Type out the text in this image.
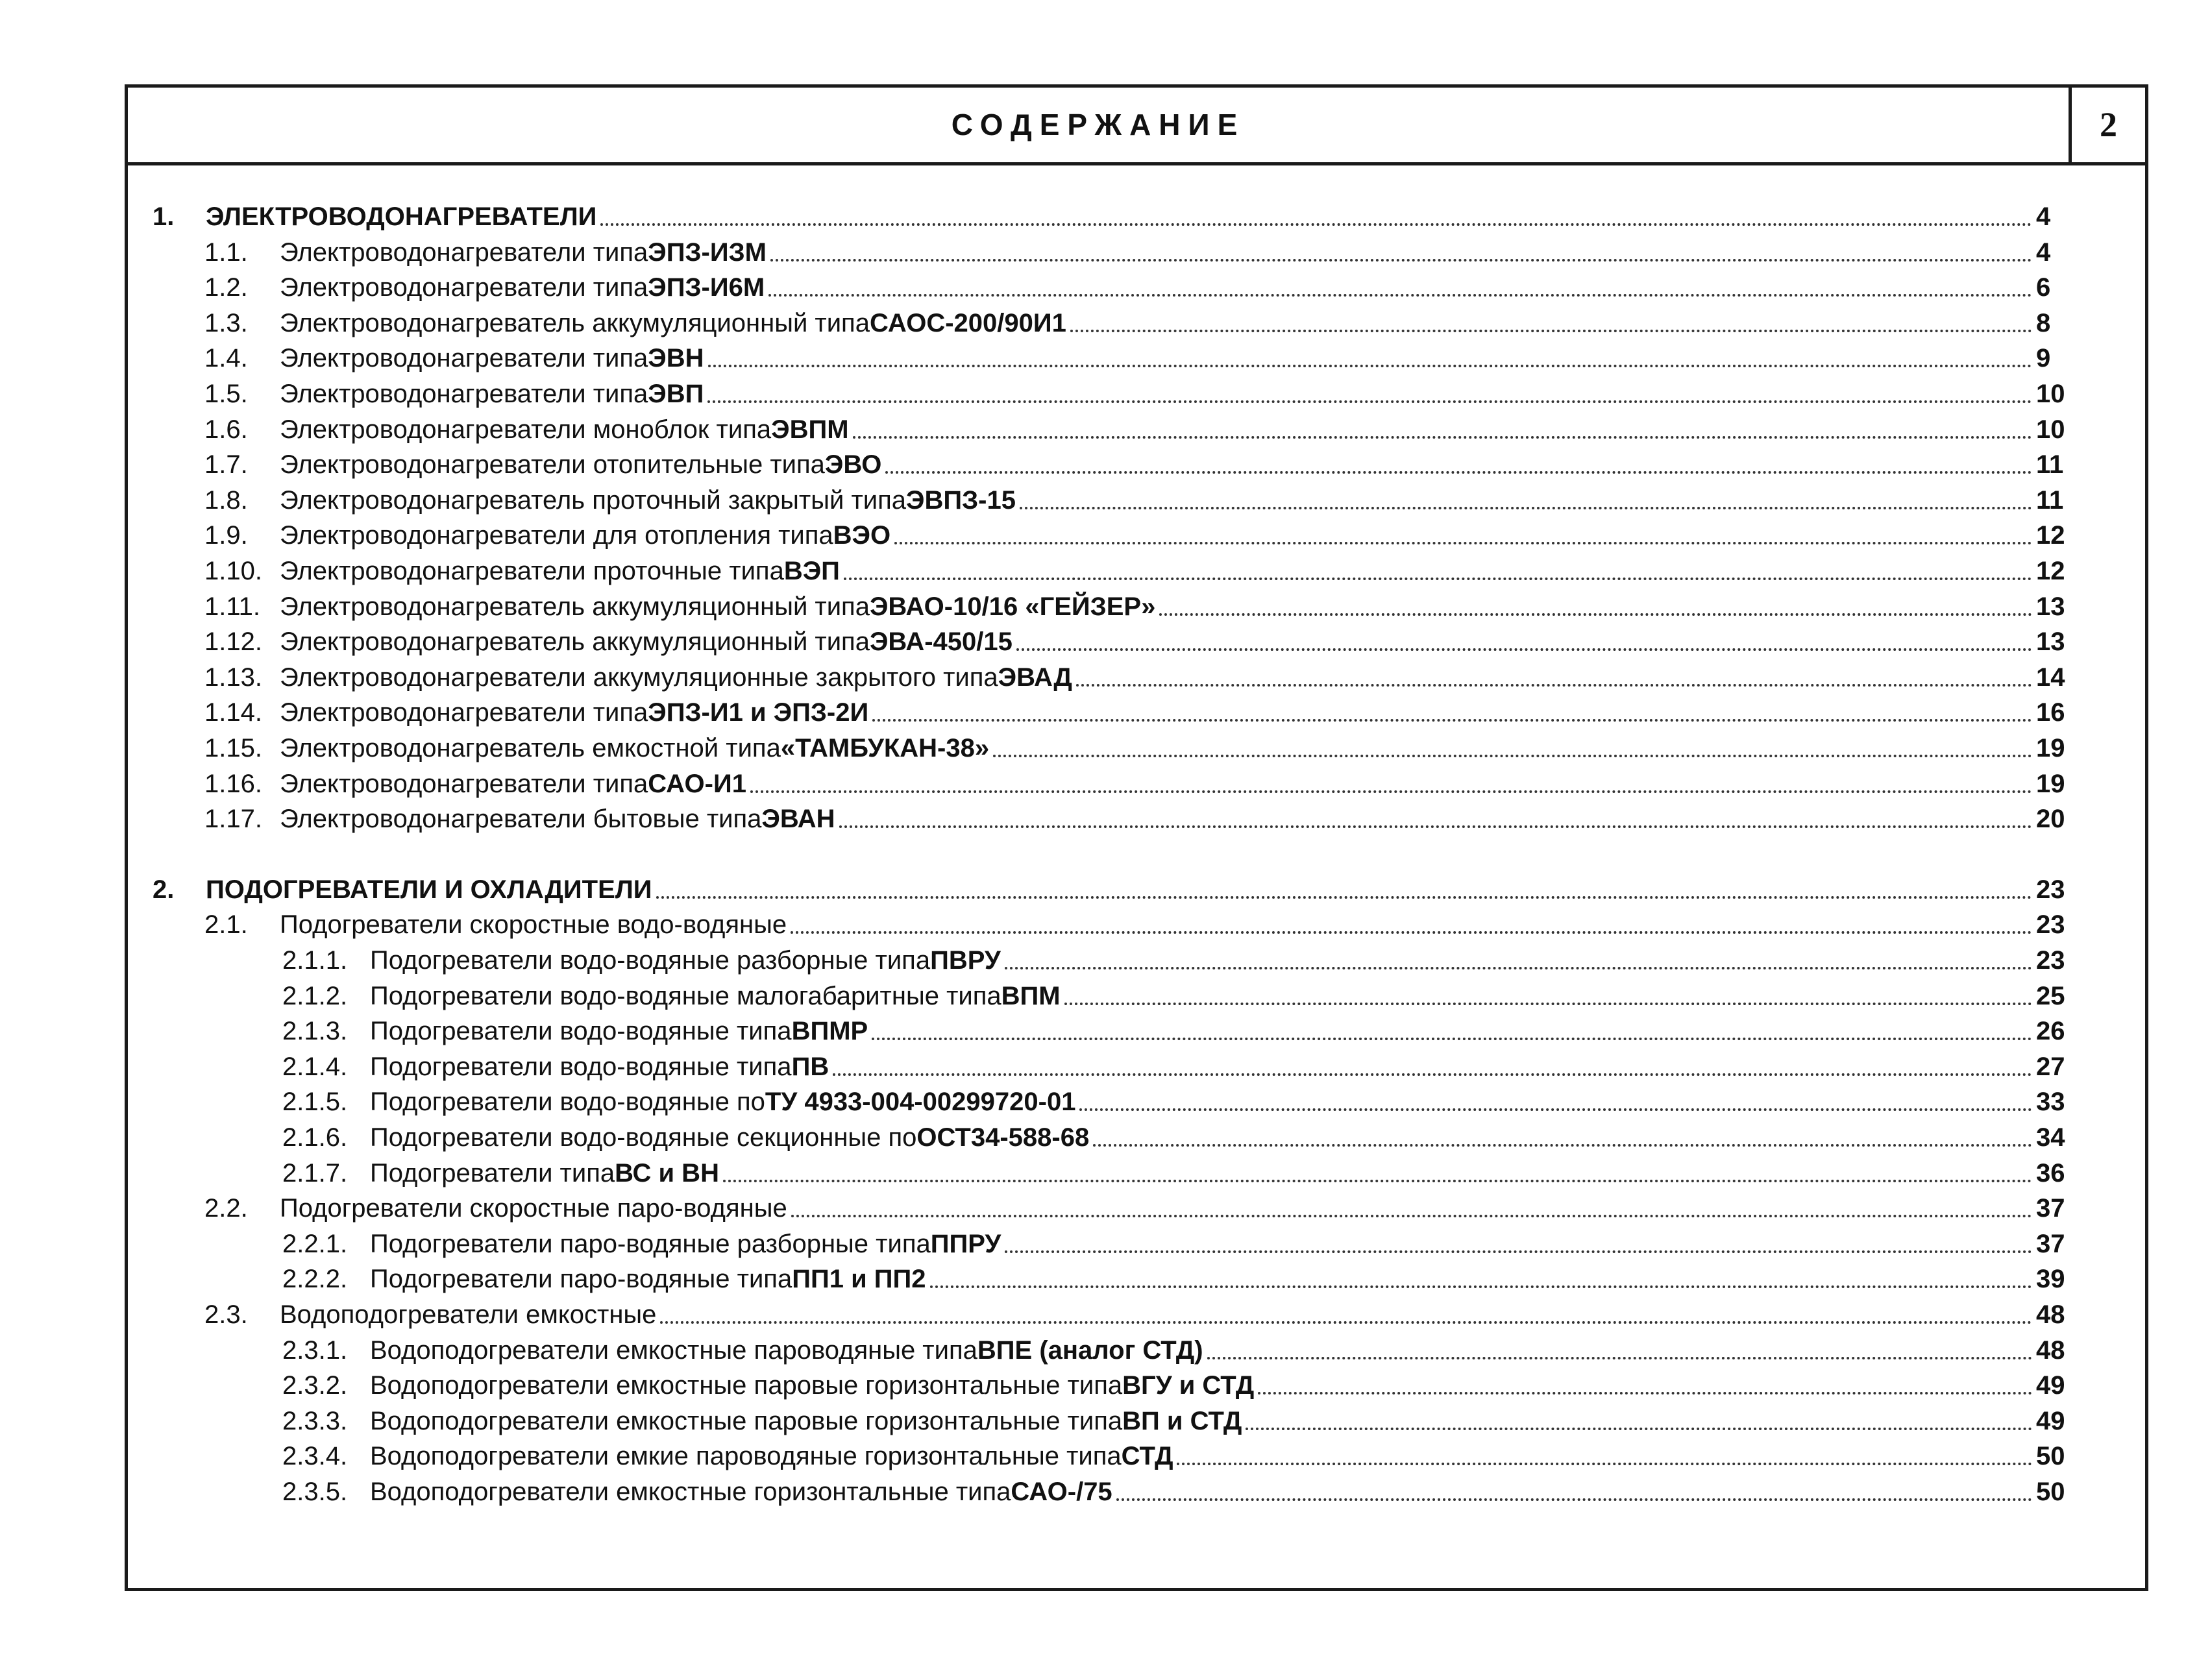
СОДЕРЖАНИЕ	2
1.	ЭЛЕКТРОВОДОНАГРЕВАТЕЛИ	4
1.1.	Электроводонагреватели типа ЭПЗ-ИЗМ	4
1.2.	Электроводонагреватели типа ЭПЗ-И6М	6
1.3.	Электроводонагреватель аккумуляционный типа САОС-200/90И1	8
1.4.	Электроводонагреватели типа ЭВН	9
1.5.	Электроводонагреватели типа ЭВП	10
1.6.	Электроводонагреватели моноблок типа ЭВПМ	10
1.7.	Электроводонагреватели отопительные типа ЭВО	11
1.8.	Электроводонагреватель проточный закрытый типа ЭВПЗ-15	11
1.9.	Электроводонагреватели для отопления типа ВЭО	12
1.10. Электроводонагреватели проточные типа ВЭП	12
1.11. Электроводонагреватель аккумуляционный типа ЭВАО-10/16 «ГЕЙЗЕР»	13
1.12. Электроводонагреватель аккумуляционный типа ЭВА-450/15	13
1.13. Электроводонагреватели аккумуляционные закрытого типа ЭВАД	14
1.14. Электроводонагреватели типа ЭПЗ-И1 и ЭПЗ-2И	16
1.15. Электроводонагреватель емкостной типа «ТАМБУКАН-38»	19
1.16. Электроводонагреватели типа САО-И1	19
1.17. Электроводонагреватели бытовые типа ЭВАН	20
2.	ПОДОГРЕВАТЕЛИ И ОХЛАДИТЕЛИ	23
2.1.	Подогреватели скоростные водо-водяные	23
2.1.1. Подогреватели водо-водяные разборные типа ПВРУ	23
2.1.2. Подогреватели водо-водяные малогабаритные типа ВПМ	25
2.1.3. Подогреватели водо-водяные типа ВПМР	26
2.1.4. Подогреватели водо-водяные типа ПВ	27
2.1.5. Подогреватели водо-водяные по ТУ 4933-004-00299720-01	33
2.1.6. Подогреватели водо-водяные секционные по ОСТ34-588-68	34
2.1.7. Подогреватели типа ВС и ВН	36
2.2.	Подогреватели скоростные паро-водяные	37
2.2.1. Подогреватели паро-водяные разборные типа ППРУ	37
2.2.2. Подогреватели паро-водяные типа ПП1 и ПП2	39
2.3.	Водоподогреватели емкостные	48
2.3.1. Водоподогреватели емкостные пароводяные типа ВПЕ (аналог СТД)	48
2.3.2. Водоподогреватели емкостные паровые горизонтальные типа ВГУ и СТД	49
2.3.3. Водоподогреватели емкостные паровые горизонтальные типа ВП и СТД	49
2.3.4. Водоподогреватели емкие пароводяные горизонтальные типа СТД	50
2.3.5. Водоподогреватели емкостные горизонтальные типа САО-/75	50
